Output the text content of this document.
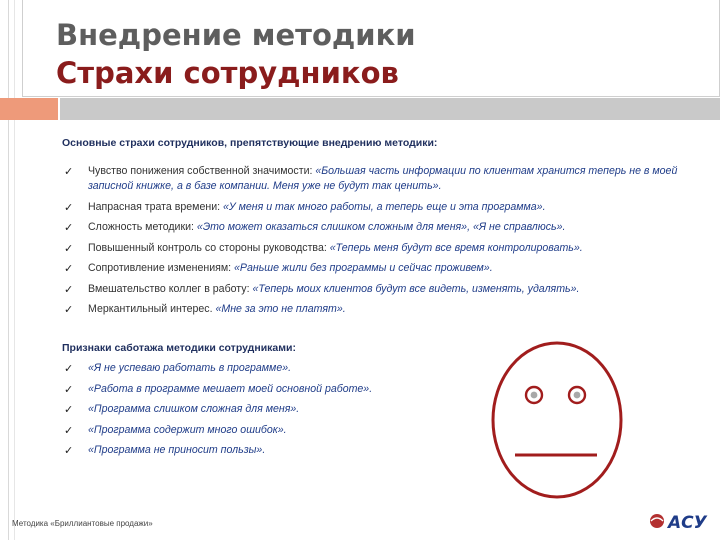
Внедрение методики
Страхи сотрудников

Основные страхи сотрудников, препятствующие внедрению методики:

✓ Чувство понижения собственной значимости: «Большая часть информации по клиентам хранится теперь не в моей записной книжке, а в базе компании. Меня уже не будут так ценить».
✓ Напрасная трата времени: «У меня и так много работы, а теперь еще и эта программа».
✓ Сложность методики: «Это может оказаться слишком сложным для меня», «Я не справлюсь».
✓ Повышенный контроль со стороны руководства: «Теперь меня будут все время контролировать».
✓ Сопротивление изменениям: «Раньше жили без программы и сейчас проживем».
✓ Вмешательство коллег в работу: «Теперь моих клиентов будут все видеть, изменять, удалять».
✓ Меркантильный интерес. «Мне за это не платят».

Признаки саботажа методики сотрудниками:

✓ «Я не успеваю работать в программе».
✓ «Работа в программе мешает моей основной работе».
✓ «Программа слишком сложная для меня».
✓ «Программа содержит много ошибок».
✓ «Программа не приносит пользы».
Методика «Бриллиантовые продажи»	АСУ
